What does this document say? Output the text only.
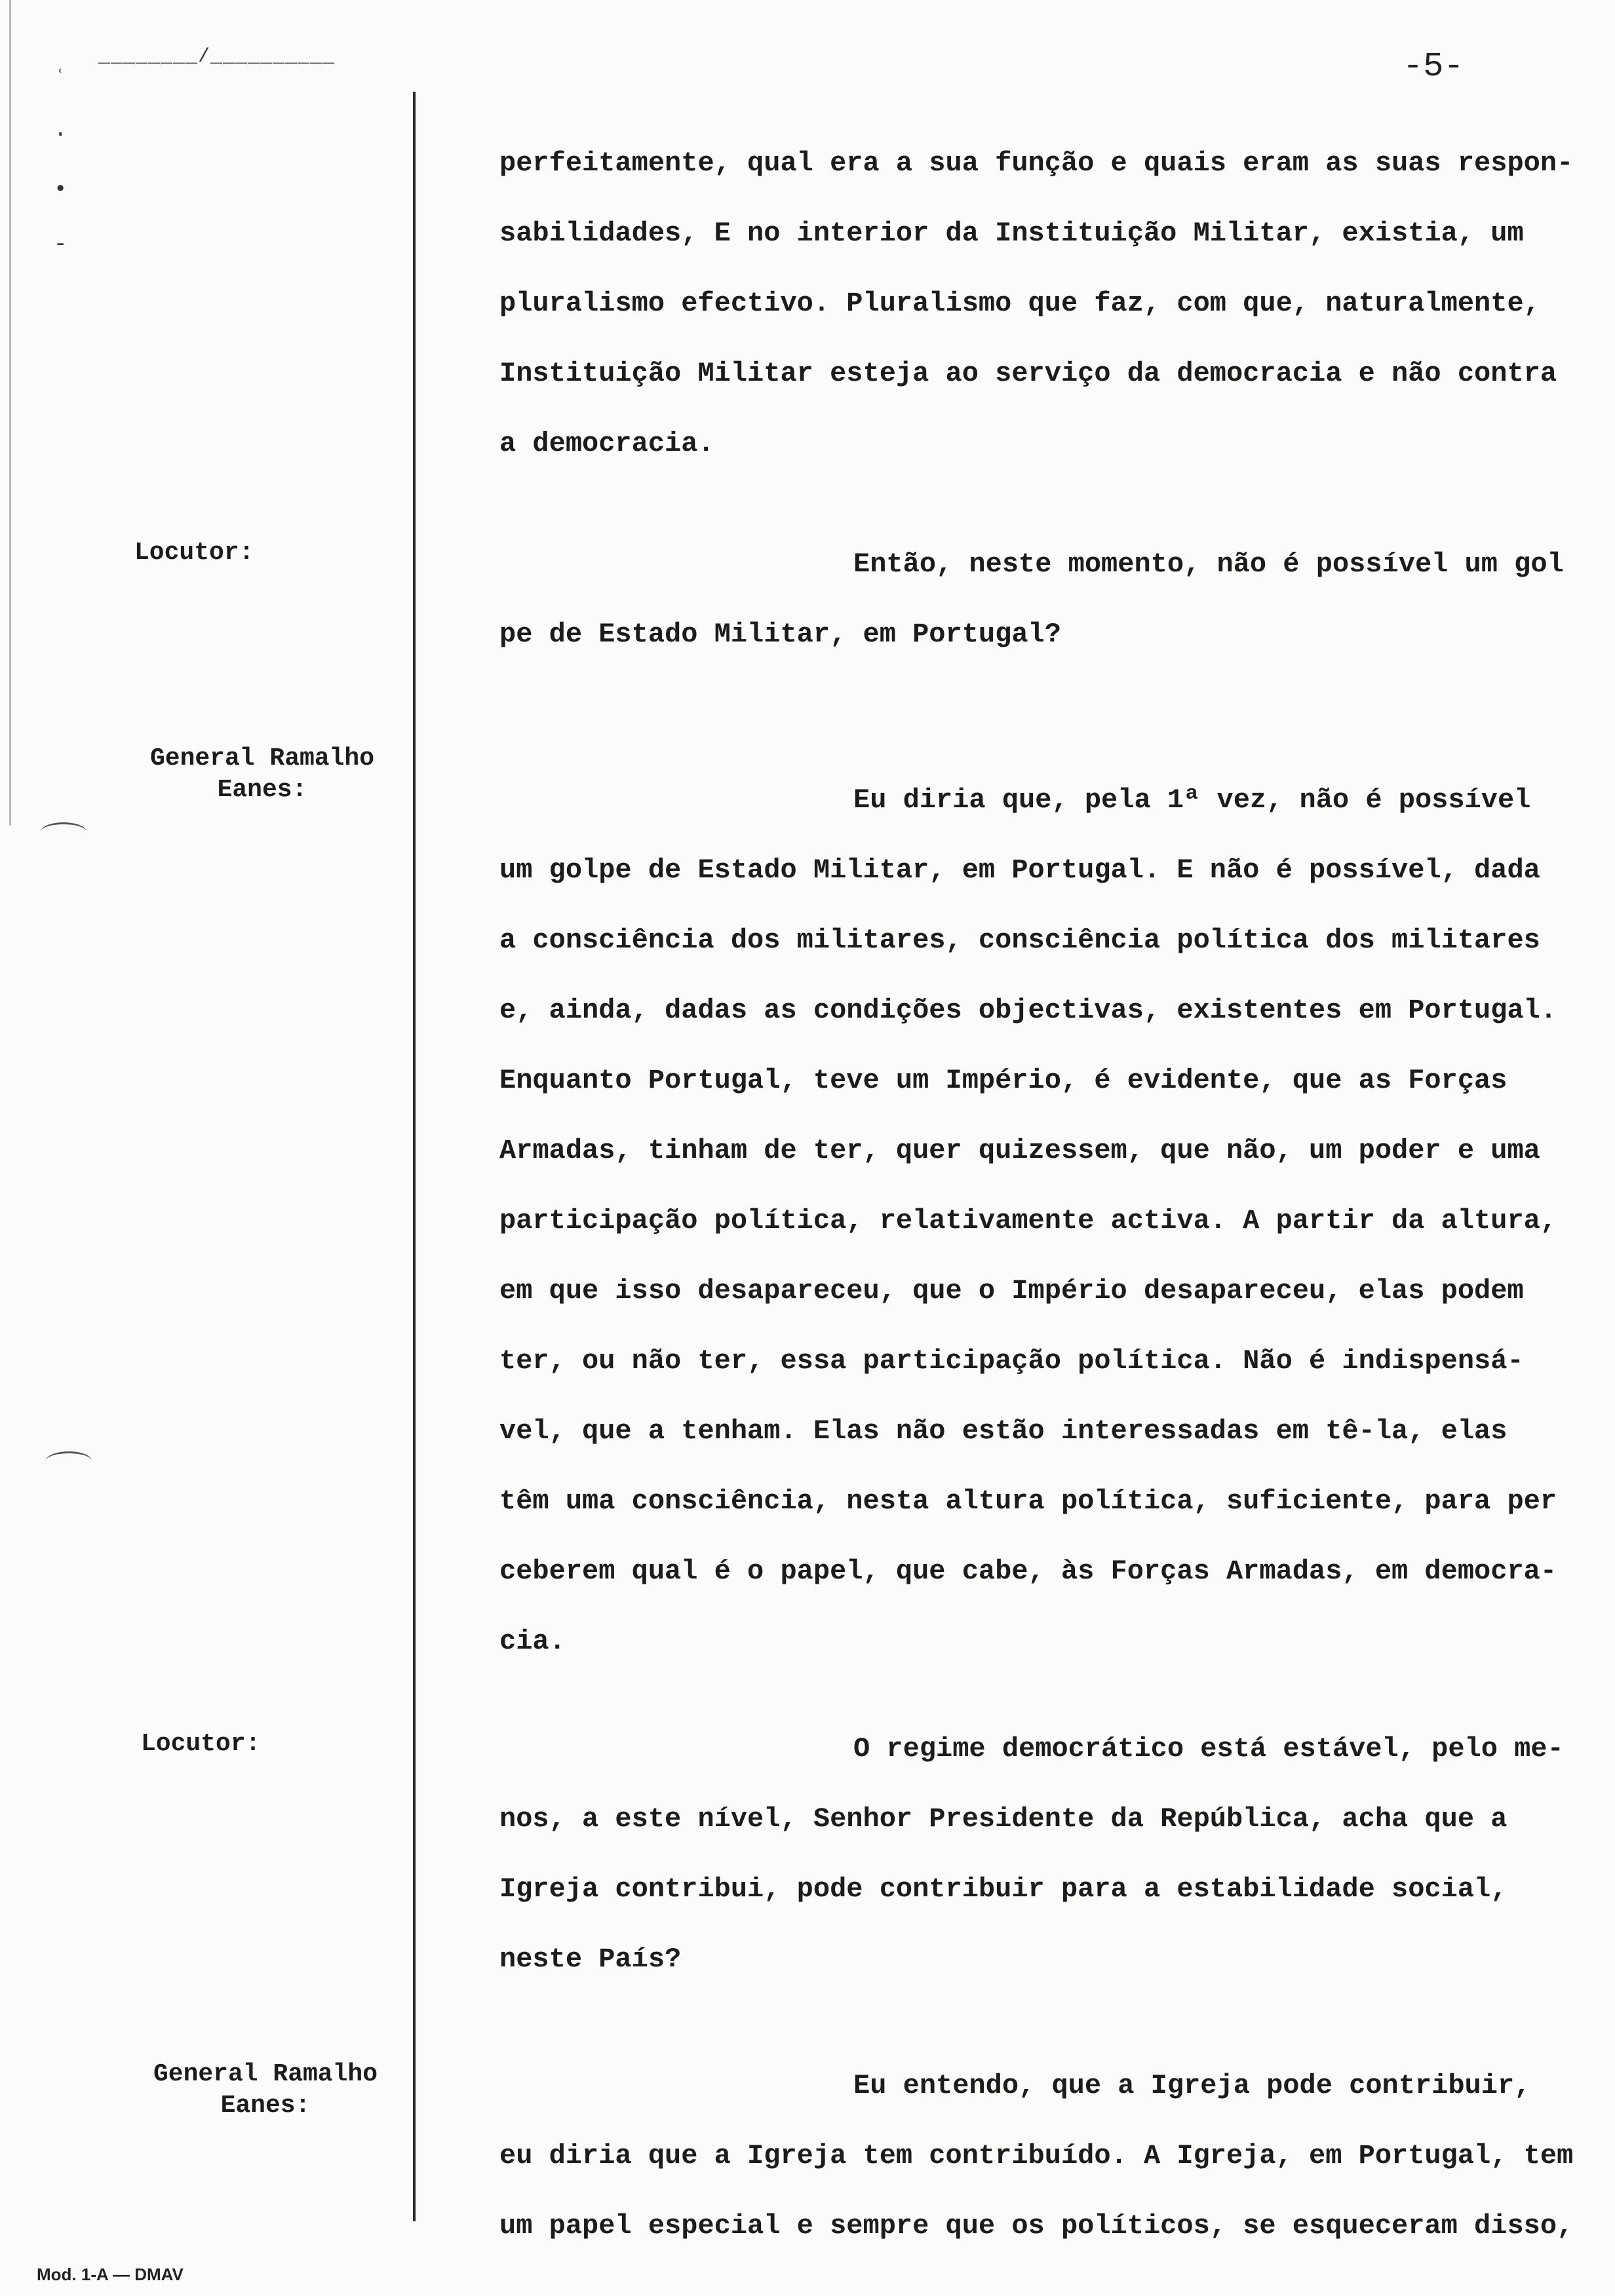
ʿ
·
•
-
________/__________	-5-
Locutor:
General Ramalho
Eanes:
Locutor:
General Ramalho
Eanes:
perfeitamente, qual era a sua função e quais eram as suas respon-
sabilidades, E no interior da Instituição Militar, existia, um
pluralismo efectivo. Pluralismo que faz, com que, naturalmente,
Instituição Militar esteja ao serviço da democracia e não contra
a democracia.
Então, neste momento, não é possível um gol
pe de Estado Militar, em Portugal?
Eu diria que, pela 1ª vez, não é possível
um golpe de Estado Militar, em Portugal. E não é possível, dada
a consciência dos militares, consciência política dos militares
e, ainda, dadas as condições objectivas, existentes em Portugal.
Enquanto Portugal, teve um Império, é evidente, que as Forças
Armadas, tinham de ter, quer quizessem, que não, um poder e uma
participação política, relativamente activa. A partir da altura,
em que isso desapareceu, que o Império desapareceu, elas podem
ter, ou não ter, essa participação política. Não é indispensá-
vel, que a tenham. Elas não estão interessadas em tê-la, elas
têm uma consciência, nesta altura política, suficiente, para per
ceberem qual é o papel, que cabe, às Forças Armadas, em democra-
cia.
O regime democrático está estável, pelo me-
nos, a este nível, Senhor Presidente da República, acha que a
Igreja contribui, pode contribuir para a estabilidade social,
neste País?
Eu entendo, que a Igreja pode contribuir,
eu diria que a Igreja tem contribuído. A Igreja, em Portugal, tem
um papel especial e sempre que os políticos, se esqueceram disso,
Mod. 1-A — DMAV
